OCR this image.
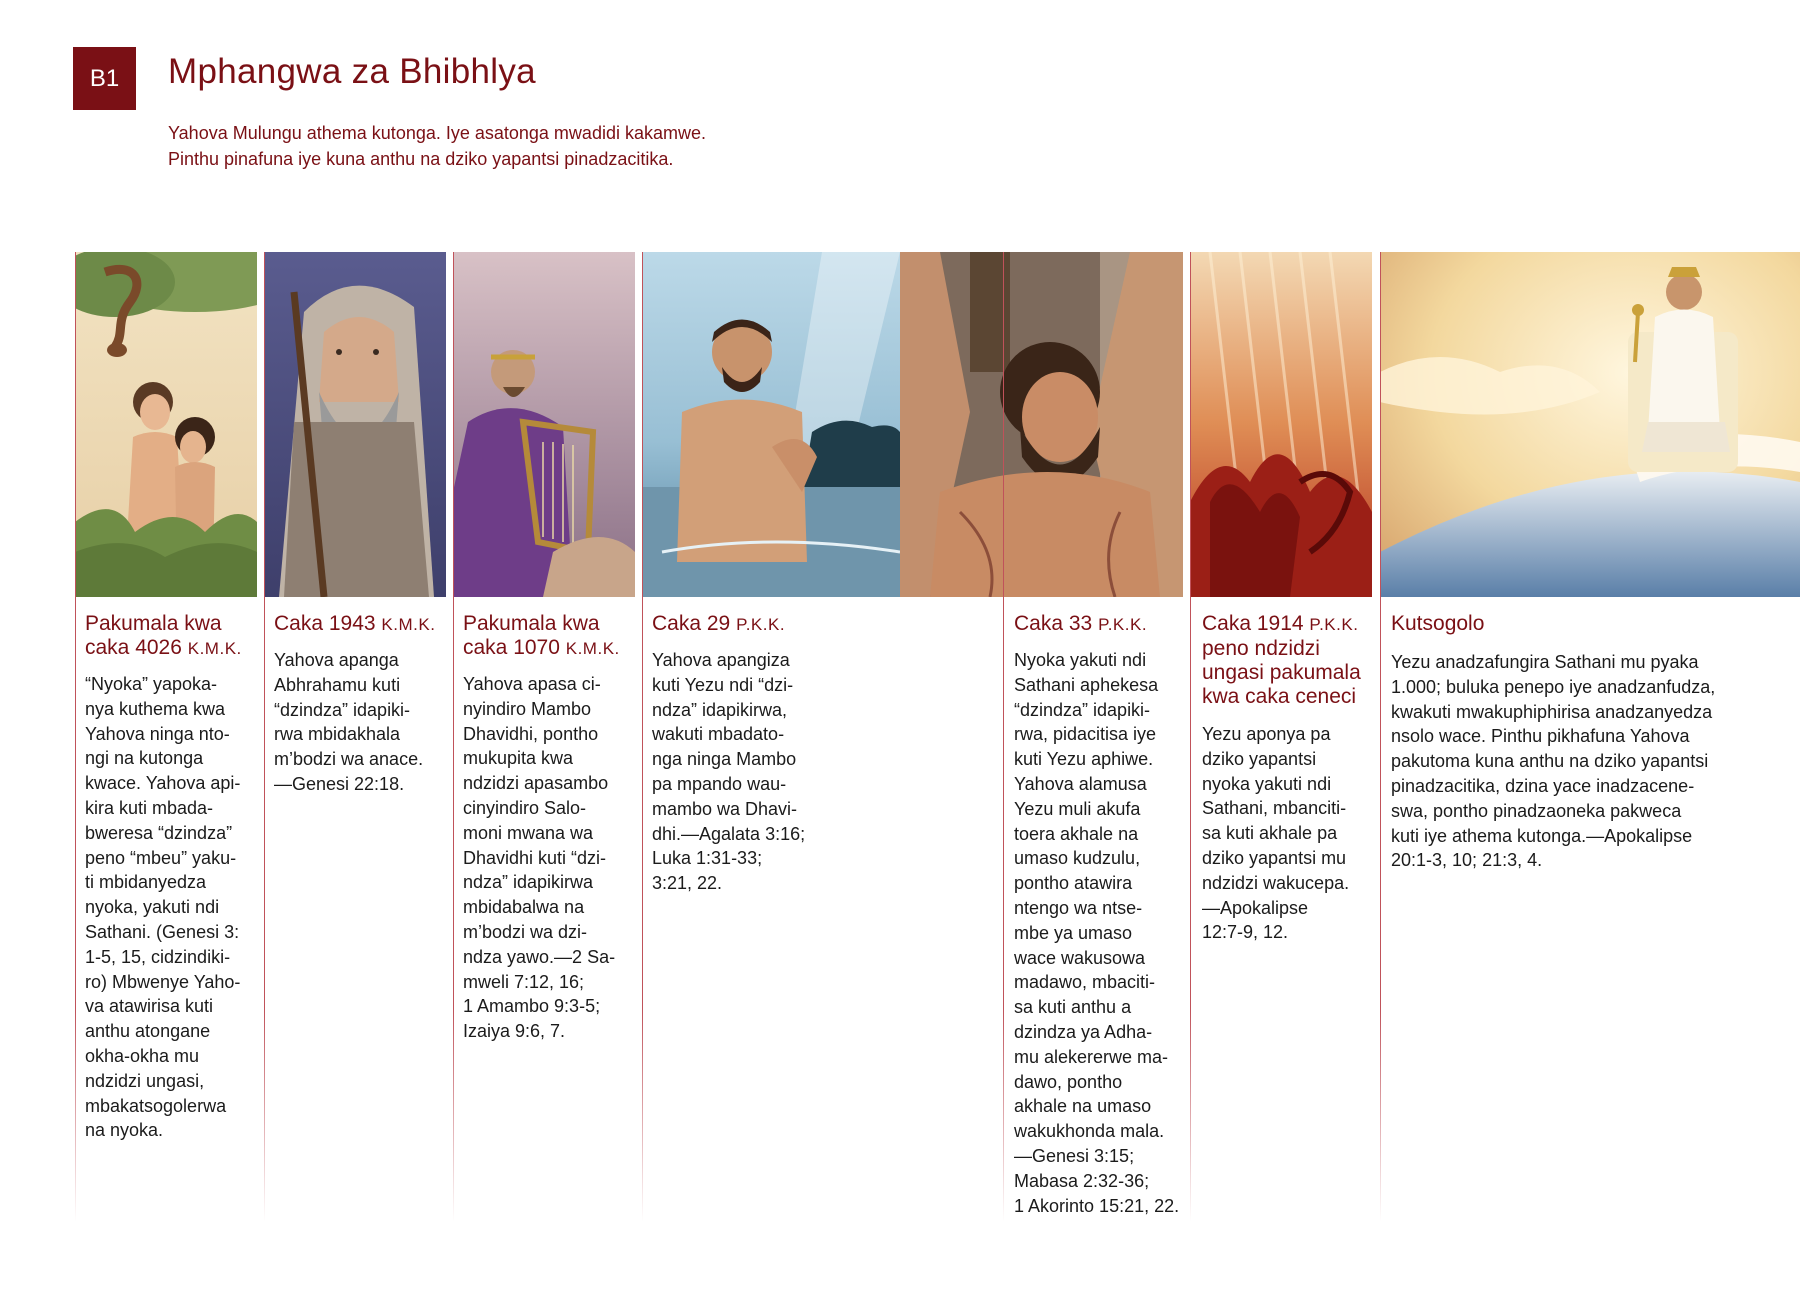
B1	Mphangwa za Bhibhlya
Yahova Mulungu athema kutonga. Iye asatonga mwadidi kakamwe.
Pinthu pinafuna iye kuna anthu na dziko yapantsi pinadzacitika.
Pakumala kwa
caka 4026 K.M.K.
“Nyoka” yapoka-
nya kuthema kwa
Yahova ninga nto-
ngi na kutonga
kwace. Yahova api-
kira kuti mbada-
bweresa “dzindza”
peno “mbeu” yaku-
ti mbidanyedza
nyoka, yakuti ndi
Sathani. (Genesi 3:
1-5, 15, cidzindiki-
ro) Mbwenye Yaho-
va atawirisa kuti
anthu atongane
okha-okha mu
ndzidzi ungasi,
mbakatsogolerwa
na nyoka.
Caka 1943 K.M.K.
Yahova apanga
Abhrahamu kuti
“dzindza” idapiki-
rwa mbidakhala
m’bodzi wa anace.
—Genesi 22:18.
Pakumala kwa
caka 1070 K.M.K.
Yahova apasa ci-
nyindiro Mambo
Dhavidhi, pontho
mukupita kwa
ndzidzi apasambo
cinyindiro Salo-
moni mwana wa
Dhavidhi kuti “dzi-
ndza” idapikirwa
mbidabalwa na
m’bodzi wa dzi-
ndza yawo.—2 Sa-
mweli 7:12, 16;
1 Amambo 9:3-5;
Izaiya 9:6, 7.
Caka 29 P.K.K.
Yahova apangiza
kuti Yezu ndi “dzi-
ndza” idapikirwa,
wakuti mbadato-
nga ninga Mambo
pa mpando wau-
mambo wa Dhavi-
dhi.—Agalata 3:16;
Luka 1:31-33;
3:21, 22.
Caka 33 P.K.K.
Nyoka yakuti ndi
Sathani aphekesa
“dzindza” idapiki-
rwa, pidacitisa iye
kuti Yezu aphiwe.
Yahova alamusa
Yezu muli akufa
toera akhale na
umaso kudzulu,
pontho atawira
ntengo wa ntse-
mbe ya umaso
wace wakusowa
madawo, mbaciti-
sa kuti anthu a
dzindza ya Adha-
mu alekererwe ma-
dawo, pontho
akhale na umaso
wakukhonda mala.
—Genesi 3:15;
Mabasa 2:32-36;
1 Akorinto 15:21, 22.
Caka 1914 P.K.K.
peno ndzidzi
ungasi pakumala
kwa caka ceneci
Yezu aponya pa
dziko yapantsi
nyoka yakuti ndi
Sathani, mbanciti-
sa kuti akhale pa
dziko yapantsi mu
ndzidzi wakucepa.
—Apokalipse
12:7-9, 12.
Kutsogolo
Yezu anadzafungira Sathani mu pyaka
1.000; buluka penepo iye anadzanfudza,
kwakuti mwakuphiphirisa anadzanyedza
nsolo wace. Pinthu pikhafuna Yahova
pakutoma kuna anthu na dziko yapantsi
pinadzacitika, dzina yace inadzacene-
swa, pontho pinadzaoneka pakweca
kuti iye athema kutonga.—Apokalipse
20:1-3, 10; 21:3, 4.
